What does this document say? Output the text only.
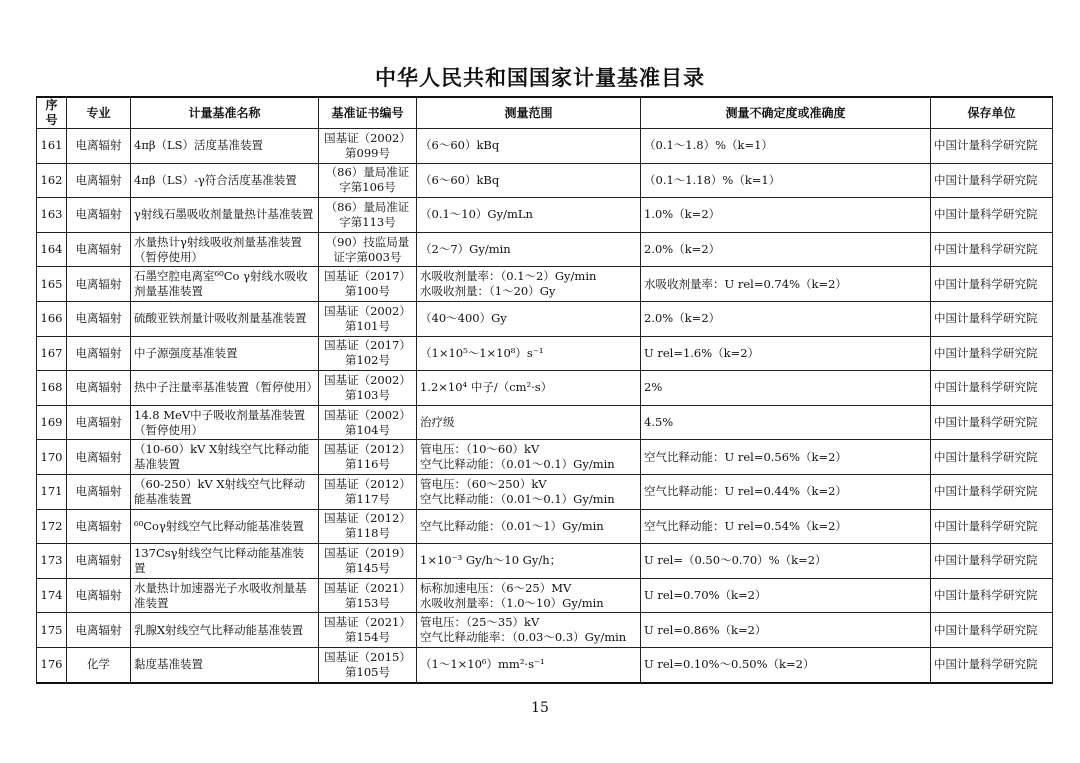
中华人民共和国国家计量基准目录
序号	专业	计量基准名称	基准证书编号	测量范围	测量不确定度或准确度	保存单位
161	电离辐射	4πβ（LS）活度基准装置	国基证（2002）
第099号	（6～60）kBq	（0.1～1.8）%（k=1）	中国计量科学研究院
162	电离辐射	4πβ（LS）-γ符合活度基准装置	（86）量局准证
字第106号	（6～60）kBq	（0.1～1.18）%（k=1）	中国计量科学研究院
163	电离辐射	γ射线石墨吸收剂量量热计基准装置	（86）量局准证
字第113号	（0.1～10）Gy/mLn	1.0%（k=2）	中国计量科学研究院
164	电离辐射	水量热计γ射线吸收剂量基准装置（暂停使用）	（90）技监局量
证字第003号	（2～7）Gy/min	2.0%（k=2）	中国计量科学研究院
165	电离辐射	石墨空腔电离室⁶⁰Co γ射线水吸收剂量基准装置	国基证（2017）
第100号	水吸收剂量率：（0.1～2）Gy/min
水吸收剂量：（1～20）Gy	水吸收剂量率：U rel=0.74%（k=2）	中国计量科学研究院
166	电离辐射	硫酸亚铁剂量计吸收剂量基准装置	国基证（2002）
第101号	（40～400）Gy	2.0%（k=2）	中国计量科学研究院
167	电离辐射	中子源强度基准装置	国基证（2017）
第102号	（1×10⁵～1×10⁸）s⁻¹	U rel=1.6%（k=2）	中国计量科学研究院
168	电离辐射	热中子注量率基准装置（暂停使用）	国基证（2002）
第103号	1.2×10⁴ 中子/（cm²·s）	2%	中国计量科学研究院
169	电离辐射	14.8 MeV中子吸收剂量基准装置（暂停使用）	国基证（2002）
第104号	治疗级	4.5%	中国计量科学研究院
170	电离辐射	（10-60）kV X射线空气比释动能基准装置	国基证（2012）
第116号	管电压：（10～60）kV
空气比释动能：（0.01～0.1）Gy/min	空气比释动能：U rel=0.56%（k=2）	中国计量科学研究院
171	电离辐射	（60-250）kV X射线空气比释动能基准装置	国基证（2012）
第117号	管电压：（60～250）kV
空气比释动能：（0.01～0.1）Gy/min	空气比释动能：U rel=0.44%（k=2）	中国计量科学研究院
172	电离辐射	⁶⁰Coγ射线空气比释动能基准装置	国基证（2012）
第118号	空气比释动能：（0.01～1）Gy/min	空气比释动能：U rel=0.54%（k=2）	中国计量科学研究院
173	电离辐射	137Csγ射线空气比释动能基准装置	国基证（2019）
第145号	1×10⁻³ Gy/h～10 Gy/h；	U rel=（0.50～0.70）%（k=2）	中国计量科学研究院
174	电离辐射	水量热计加速器光子水吸收剂量基准装置	国基证（2021）
第153号	标称加速电压：（6～25）MV
水吸收剂量率：（1.0～10）Gy/min	U rel=0.70%（k=2）	中国计量科学研究院
175	电离辐射	乳腺X射线空气比释动能基准装置	国基证（2021）
第154号	管电压：（25～35）kV
空气比释动能率：（0.03～0.3）Gy/min	U rel=0.86%（k=2）	中国计量科学研究院
176	化学	黏度基准装置	国基证（2015）
第105号	（1～1×10⁶）mm²·s⁻¹	U rel=0.10%～0.50%（k=2）	中国计量科学研究院
15
